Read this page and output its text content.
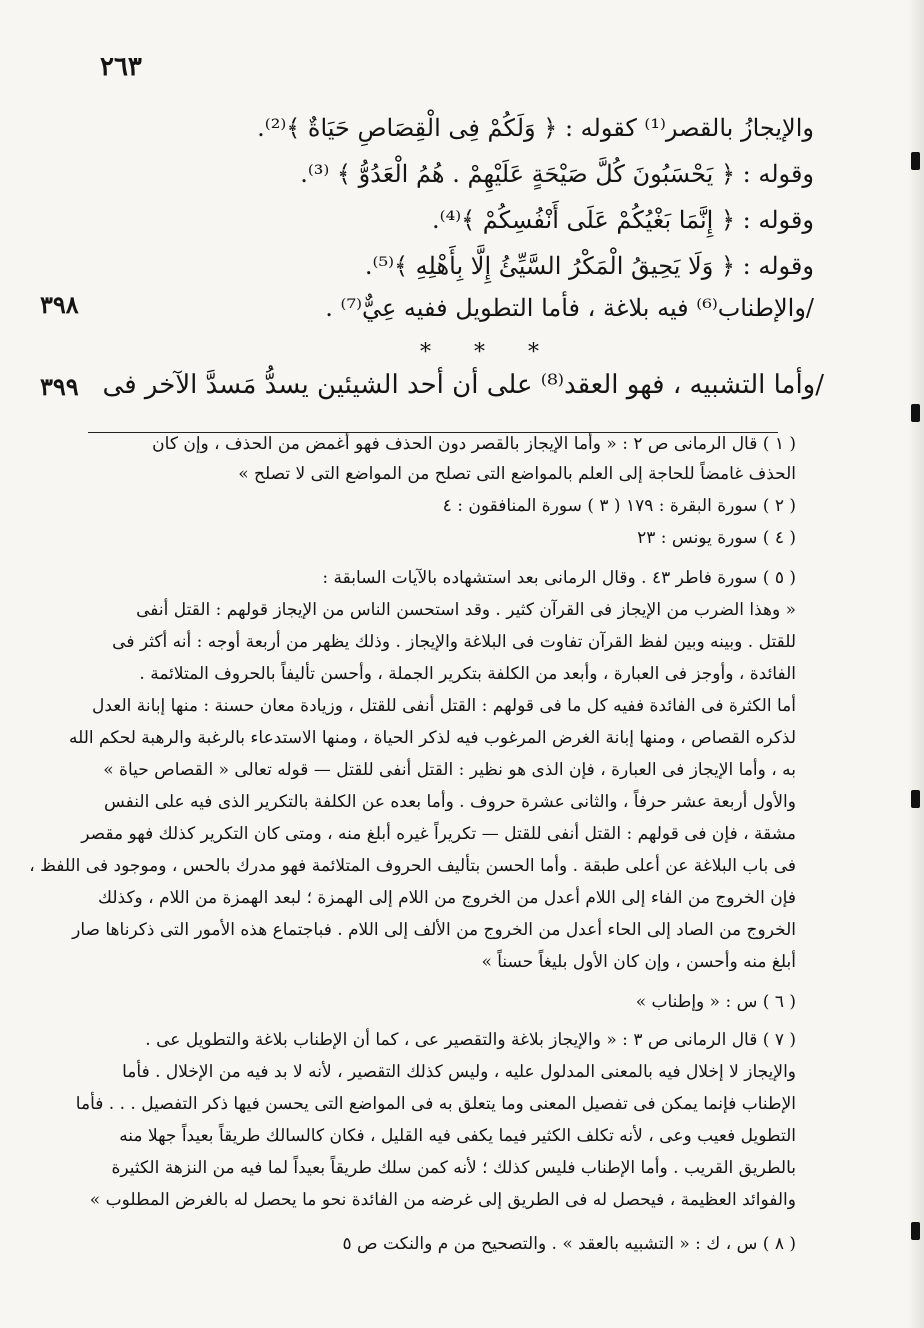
٢٦٣
٣٩٨
٣٩٩
والإيجازُ بالقصر⁽¹⁾ كقوله : ﴿ وَلَكُمْ فِى الْقِصَاصِ حَيَاةٌ ﴾⁽²⁾.
وقوله : ﴿ يَحْسَبُونَ كُلَّ صَيْحَةٍ عَلَيْهِمْ . هُمُ الْعَدُوُّ ﴾ ⁽³⁾.
وقوله : ﴿ إِنَّمَا بَغْيُكُمْ عَلَى أَنْفُسِكُمْ ﴾⁽⁴⁾.
وقوله : ﴿ وَلَا يَحِيقُ الْمَكْرُ السَّيِّئُ إِلَّا بِأَهْلِهِ ﴾⁽⁵⁾.
/والإطناب⁽⁶⁾ فيه بلاغة ، فأما التطويل ففيه عِيٌّ⁽⁷⁾ .
* * *
/وأما التشبيه ، فهو العقد⁽⁸⁾ على أن أحد الشيئين يسدُّ مَسدَّ الآخر فى
( ١ ) قال الرمانى ص ٢ : « وأما الإيجاز بالقصر دون الحذف فهو أغمض من الحذف ، وإن كان
الحذف غامضاً للحاجة إلى العلم بالمواضع التى تصلح من المواضع التى لا تصلح »
( ٢ ) سورة البقرة : ١٧٩ ( ٣ ) سورة المنافقون : ٤
( ٤ ) سورة يونس : ٢٣
( ٥ ) سورة فاطر ٤٣ . وقال الرمانى بعد استشهاده بالآيات السابقة :
« وهذا الضرب من الإيجاز فى القرآن كثير . وقد استحسن الناس من الإيجاز قولهم : القتل أنفى
للقتل . وبينه وبين لفظ القرآن تفاوت فى البلاغة والإيجاز . وذلك يظهر من أربعة أوجه : أنه أكثر فى
الفائدة ، وأوجز فى العبارة ، وأبعد من الكلفة بتكرير الجملة ، وأحسن تأليفاً بالحروف المتلائمة .
أما الكثرة فى الفائدة ففيه كل ما فى قولهم : القتل أنفى للقتل ، وزيادة معان حسنة : منها إبانة العدل
لذكره القصاص ، ومنها إبانة الغرض المرغوب فيه لذكر الحياة ، ومنها الاستدعاء بالرغبة والرهبة لحكم الله
به ، وأما الإيجاز فى العبارة ، فإن الذى هو نظير : القتل أنفى للقتل — قوله تعالى « القصاص حياة »
والأول أربعة عشر حرفاً ، والثانى عشرة حروف . وأما بعده عن الكلفة بالتكرير الذى فيه على النفس
مشقة ، فإن فى قولهم : القتل أنفى للقتل — تكريراً غيره أبلغ منه ، ومتى كان التكرير كذلك فهو مقصر
فى باب البلاغة عن أعلى طبقة . وأما الحسن بتأليف الحروف المتلائمة فهو مدرك بالحس ، وموجود فى اللفظ ،
فإن الخروج من الفاء إلى اللام أعدل من الخروج من اللام إلى الهمزة ؛ لبعد الهمزة من اللام ، وكذلك
الخروج من الصاد إلى الحاء أعدل من الخروج من الألف إلى اللام . فباجتماع هذه الأمور التى ذكرناها صار
أبلغ منه وأحسن ، وإن كان الأول بليغاً حسناً »
( ٦ ) س : « وإطناب »
( ٧ ) قال الرمانى ص ٣ : « والإيجاز بلاغة والتقصير عى ، كما أن الإطناب بلاغة والتطويل عى .
والإيجاز لا إخلال فيه بالمعنى المدلول عليه ، وليس كذلك التقصير ، لأنه لا بد فيه من الإخلال . فأما
الإطناب فإنما يمكن فى تفصيل المعنى وما يتعلق به فى المواضع التى يحسن فيها ذكر التفصيل . . . فأما
التطويل فعيب وعى ، لأنه تكلف الكثير فيما يكفى فيه القليل ، فكان كالسالك طريقاً بعيداً جهلا منه
بالطريق القريب . وأما الإطناب فليس كذلك ؛ لأنه كمن سلك طريقاً بعيداً لما فيه من النزهة الكثيرة
والفوائد العظيمة ، فيحصل له فى الطريق إلى غرضه من الفائدة نحو ما يحصل له بالغرض المطلوب »
( ٨ ) س ، ك : « التشبيه بالعقد » . والتصحيح من م والنكت ص ٥
